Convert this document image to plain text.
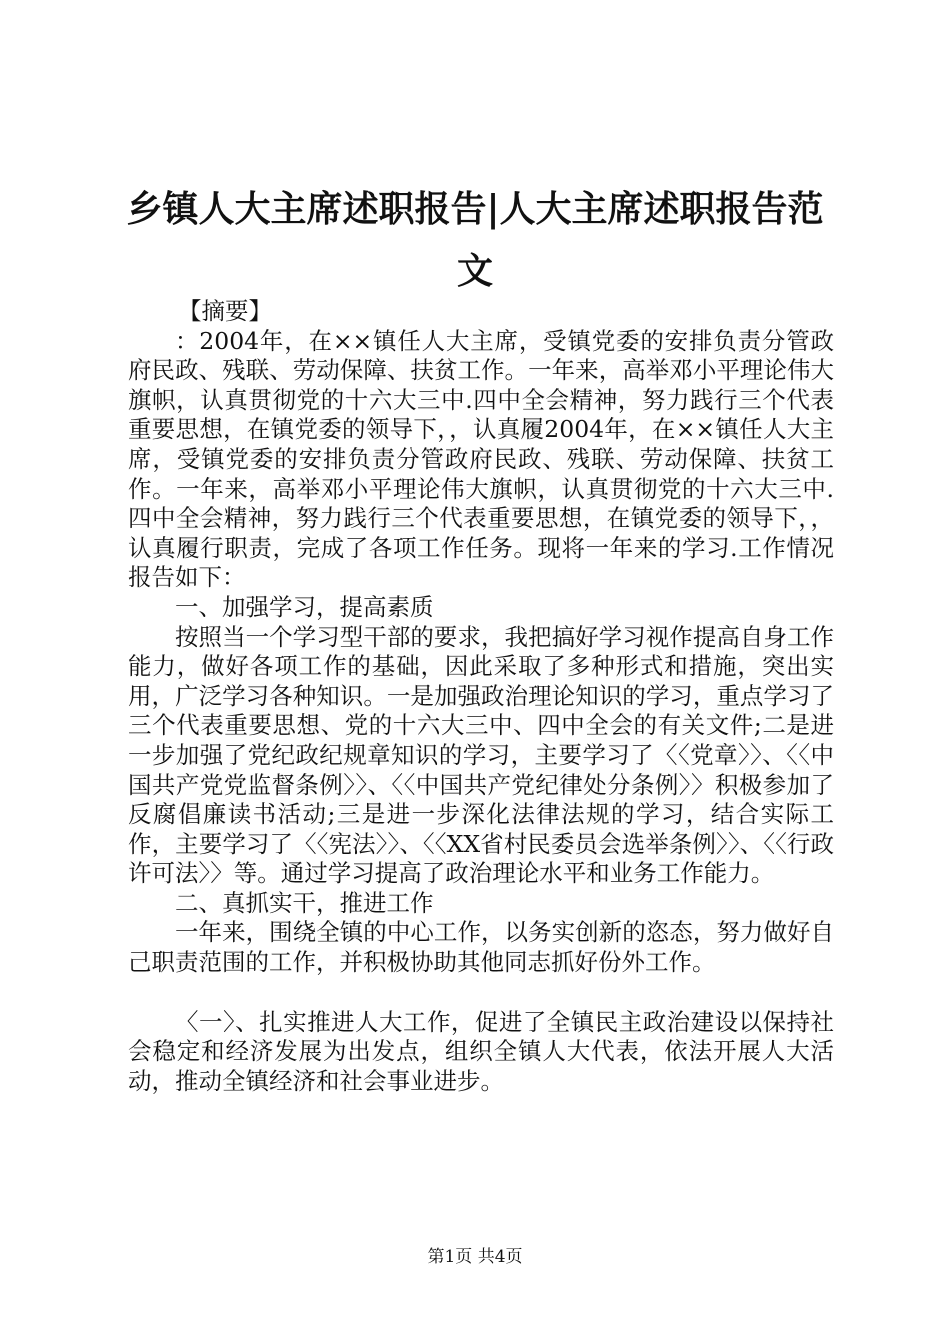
乡镇人大主席述职报告|人大主席述职报告范文

【摘要】

：2004年，在××镇任人大主席，受镇党委的安排负责分管政府民政、残联、劳动保障、扶贫工作。一年来，高举邓小平理论伟大旗帜，认真贯彻党的十六大三中.四中全会精神，努力践行三个代表重要思想，在镇党委的领导下，，认真履2004年，在××镇任人大主席，受镇党委的安排负责分管政府民政、残联、劳动保障、扶贫工作。一年来，高举邓小平理论伟大旗帜，认真贯彻党的十六大三中.四中全会精神，努力践行三个代表重要思想，在镇党委的领导下，，认真履行职责，完成了各项工作任务。现将一年来的学习.工作情况报告如下：

一、加强学习，提高素质

按照当一个学习型干部的要求，我把搞好学习视作提高自身工作能力，做好各项工作的基础，因此采取了多种形式和措施，突出实用，广泛学习各种知识。一是加强政治理论知识的学习，重点学习了三个代表重要思想、党的十六大三中、四中全会的有关文件;二是进一步加强了党纪政纪规章知识的学习，主要学习了〈〈党章〉〉、〈〈中国共产党党监督条例〉〉、〈〈中国共产党纪律处分条例〉〉积极参加了反腐倡廉读书活动;三是进一步深化法律法规的学习，结合实际工作，主要学习了〈〈宪法〉〉、〈〈XX省村民委员会选举条例〉〉、〈〈行政许可法〉〉等。通过学习提高了政治理论水平和业务工作能力。

二、真抓实干，推进工作

一年来，围绕全镇的中心工作，以务实创新的恣态，努力做好自己职责范围的工作，并积极协助其他同志抓好份外工作。

〈一〉、扎实推进人大工作，促进了全镇民主政治建设以保持社会稳定和经济发展为出发点，组织全镇人大代表，依法开展人大活动，推动全镇经济和社会事业进步。

第1页 共4页
